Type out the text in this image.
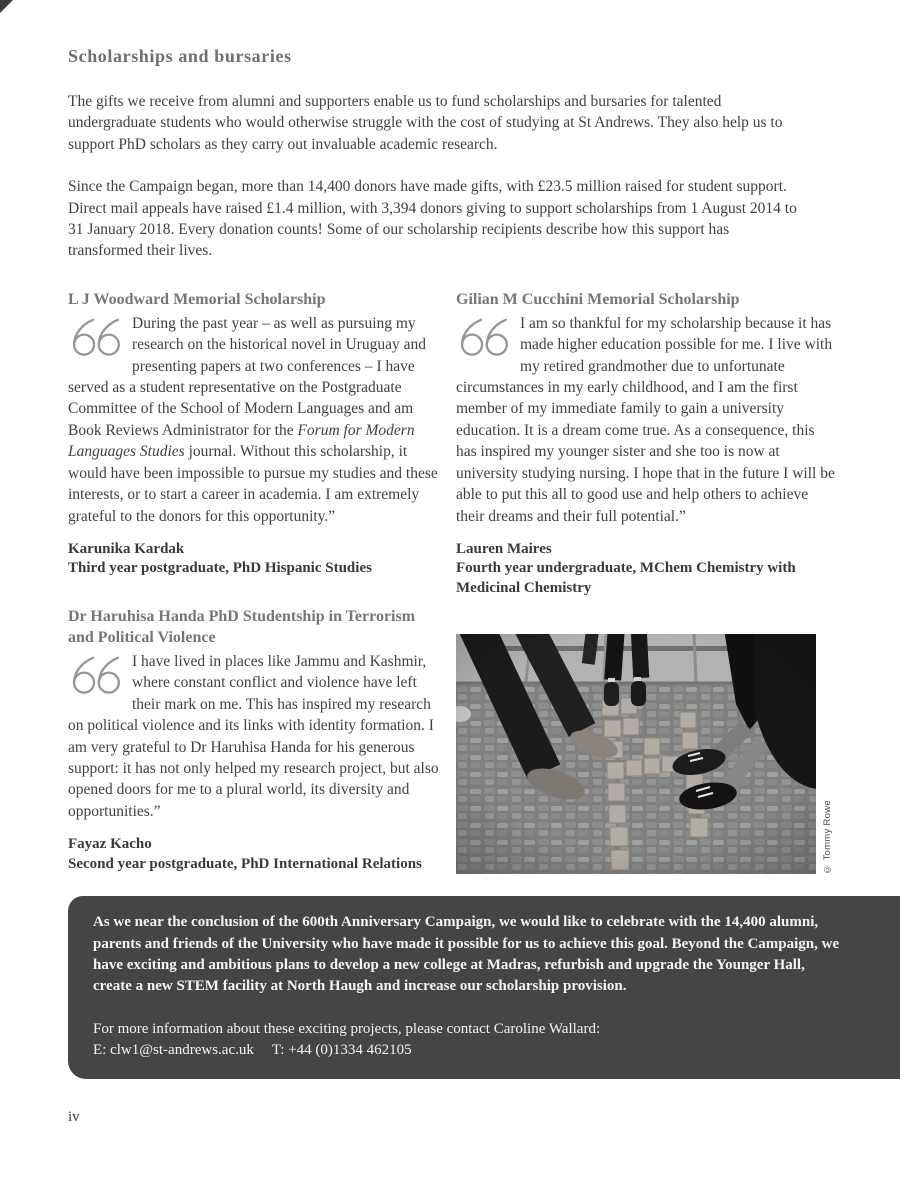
Scholarships and bursaries

The gifts we receive from alumni and supporters enable us to fund scholarships and bursaries for talented undergraduate students who would otherwise struggle with the cost of studying at St Andrews. They also help us to support PhD scholars as they carry out invaluable academic research.

Since the Campaign began, more than 14,400 donors have made gifts, with £23.5 million raised for student support. Direct mail appeals have raised £1.4 million, with 3,394 donors giving to support scholarships from 1 August 2014 to 31 January 2018. Every donation counts! Some of our scholarship recipients describe how this support has transformed their lives.

L J Woodward Memorial Scholarship
During the past year – as well as pursuing my research on the historical novel in Uruguay and presenting papers at two conferences – I have served as a student representative on the Postgraduate Committee of the School of Modern Languages and am Book Reviews Administrator for the Forum for Modern Languages Studies journal. Without this scholarship, it would have been impossible to pursue my studies and these interests, or to start a career in academia. I am extremely grateful to the donors for this opportunity.”
Karunika Kardak
Third year postgraduate, PhD Hispanic Studies
Dr Haruhisa Handa PhD Studentship in Terrorism and Political Violence
I have lived in places like Jammu and Kashmir, where constant conflict and violence have left their mark on me. This has inspired my research on political violence and its links with identity formation. I am very grateful to Dr Haruhisa Handa for his generous support: it has not only helped my research project, but also opened doors for me to a plural world, its diversity and opportunities.”
Fayaz Kacho
Second year postgraduate, PhD International Relations
Gilian M Cucchini Memorial Scholarship
I am so thankful for my scholarship because it has made higher education possible for me. I live with my retired grandmother due to unfortunate circumstances in my early childhood, and I am the first member of my immediate family to gain a university education. It is a dream come true. As a consequence, this has inspired my younger sister and she too is now at university studying nursing. I hope that in the future I will be able to put this all to good use and help others to achieve their dreams and their full potential.”
Lauren Maires
Fourth year undergraduate, MChem Chemistry with Medicinal Chemistry
© Tommy Rowe

As we near the conclusion of the 600th Anniversary Campaign, we would like to celebrate with the 14,400 alumni, parents and friends of the University who have made it possible for us to achieve this goal. Beyond the Campaign, we have exciting and ambitious plans to develop a new college at Madras, refurbish and upgrade the Younger Hall, create a new STEM facility at North Haugh and increase our scholarship provision.

For more information about these exciting projects, please contact Caroline Wallard:
E: clw1@st-andrews.ac.uk T: +44 (0)1334 462105

iv
